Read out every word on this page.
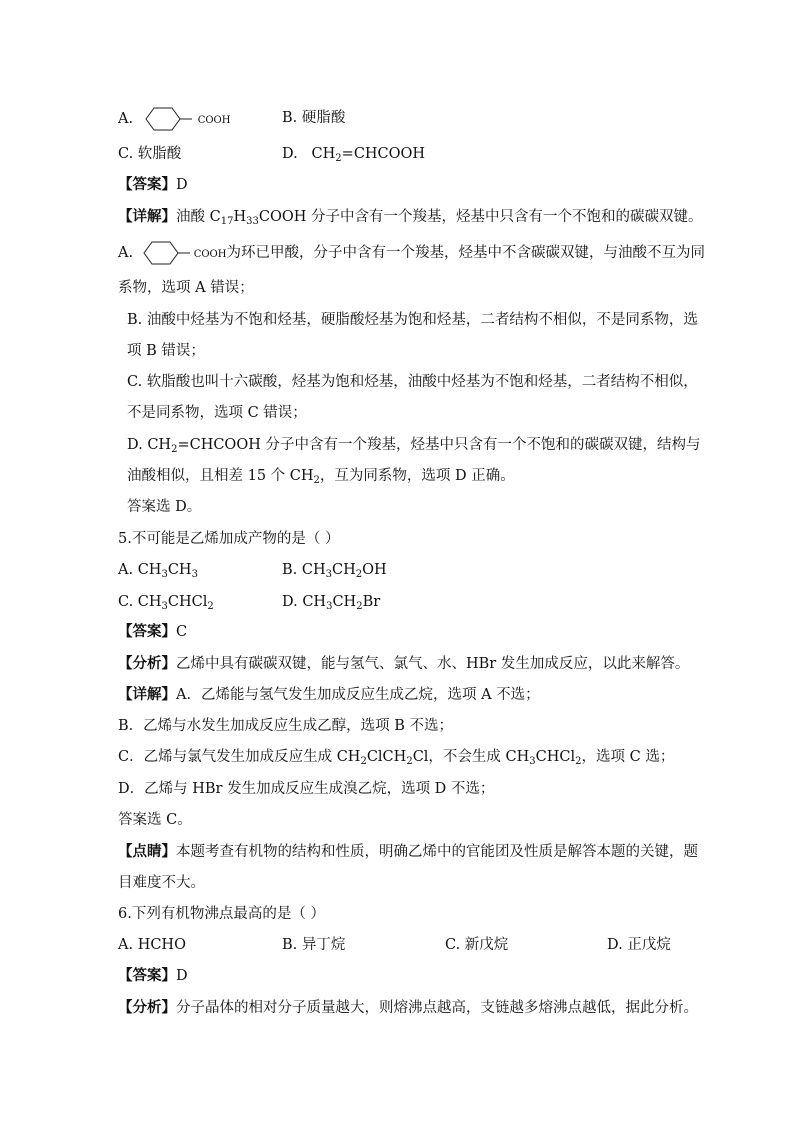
A.	COOH	B. 硬脂酸
C. 软脂酸	D. $CH_2=CHCOOH$
【答案】D
【详解】油酸 $C_{17}H_{33}COOH$ 分子中含有一个羧基，烃基中只含有一个不饱和的碳碳双键。
A.	COOH为环已甲酸，分子中含有一个羧基，烃基中不含碳碳双键，与油酸不互为同
系物，选项 A 错误；
B. 油酸中烃基为不饱和烃基，硬脂酸烃基为饱和烃基，二者结构不相似，不是同系物，选
项 B 错误；
C. 软脂酸也叫十六碳酸，烃基为饱和烃基，油酸中烃基为不饱和烃基，二者结构不相似，
不是同系物，选项 C 错误；
D. $CH_2=CHCOOH$ 分子中含有一个羧基，烃基中只含有一个不饱和的碳碳双键，结构与
油酸相似，且相差 15 个 $CH_2$，互为同系物，选项 D 正确。
答案选 D。
5.不可能是乙烯加成产物的是（ ）
A. $CH_3CH_3$	B. $CH_3CH_2OH$
C. $CH_3CHCl_2$	D. $CH_3CH_2Br$
【答案】C
【分析】乙烯中具有碳碳双键，能与氢气、氯气、水、HBr 发生加成反应，以此来解答。
【详解】A．乙烯能与氢气发生加成反应生成乙烷，选项 A 不选；
B．乙烯与水发生加成反应生成乙醇，选项 B 不选；
C．乙烯与氯气发生加成反应生成 $CH_2ClCH_2Cl$，不会生成 $CH_3CHCl_2$，选项 C 选；
D．乙烯与 HBr 发生加成反应生成溴乙烷，选项 D 不选；
答案选 C。
【点睛】本题考查有机物的结构和性质，明确乙烯中的官能团及性质是解答本题的关键，题
目难度不大。
6.下列有机物沸点最高的是（ ）
A. HCHO	B. 异丁烷	C. 新戊烷	D. 正戊烷
【答案】D
【分析】分子晶体的相对分子质量越大，则熔沸点越高，支链越多熔沸点越低，据此分析。
